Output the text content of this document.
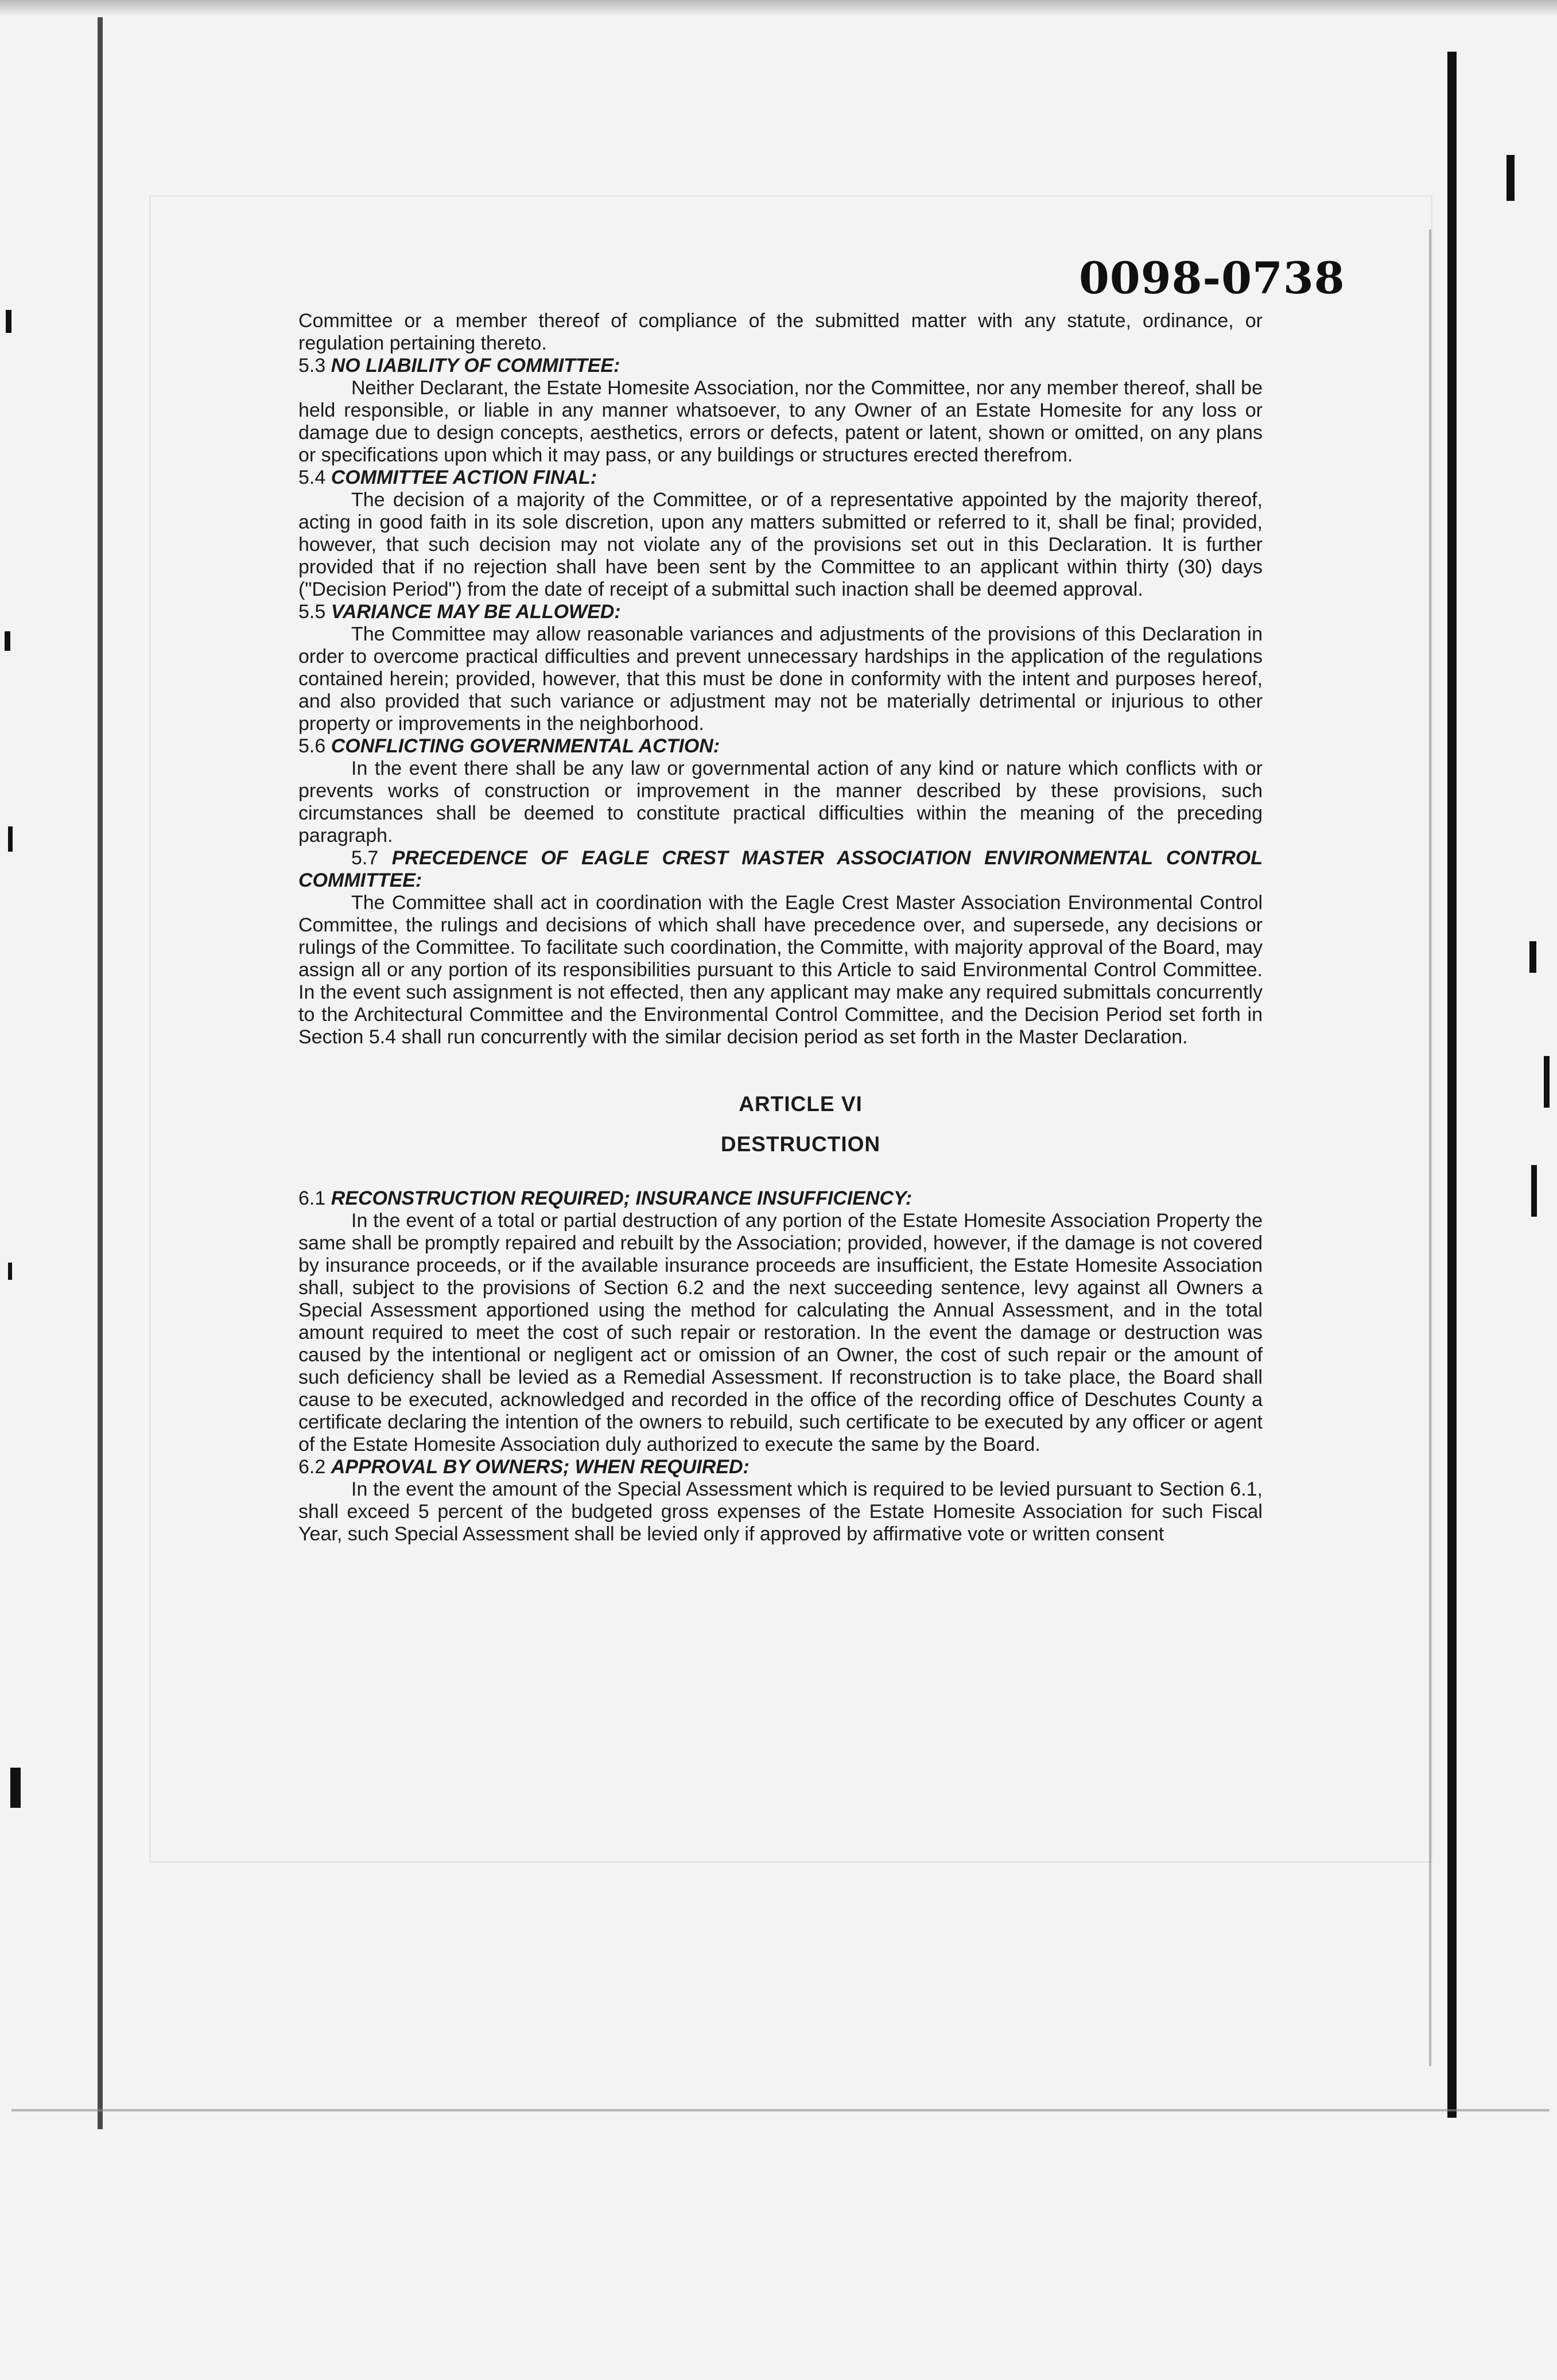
0098-0738

Committee or a member thereof of compliance of the submitted matter with any statute, ordinance, or regulation pertaining thereto.

5.3 NO LIABILITY OF COMMITTEE:

Neither Declarant, the Estate Homesite Association, nor the Committee, nor any member thereof, shall be held responsible, or liable in any manner whatsoever, to any Owner of an Estate Homesite for any loss or damage due to design concepts, aesthetics, errors or defects, patent or latent, shown or omitted, on any plans or specifications upon which it may pass, or any buildings or structures erected therefrom.

5.4 COMMITTEE ACTION FINAL:

The decision of a majority of the Committee, or of a representative appointed by the majority thereof, acting in good faith in its sole discretion, upon any matters submitted or referred to it, shall be final; provided, however, that such decision may not violate any of the provisions set out in this Declaration. It is further provided that if no rejection shall have been sent by the Committee to an applicant within thirty (30) days ("Decision Period") from the date of receipt of a submittal such inaction shall be deemed approval.

5.5 VARIANCE MAY BE ALLOWED:

The Committee may allow reasonable variances and adjustments of the provisions of this Declaration in order to overcome practical difficulties and prevent unnecessary hardships in the application of the regulations contained herein; provided, however, that this must be done in conformity with the intent and purposes hereof, and also provided that such variance or adjustment may not be materially detrimental or injurious to other property or improvements in the neighborhood.

5.6 CONFLICTING GOVERNMENTAL ACTION:

In the event there shall be any law or governmental action of any kind or nature which conflicts with or prevents works of construction or improvement in the manner described by these provisions, such circumstances shall be deemed to constitute practical difficulties within the meaning of the preceding paragraph.

5.7 PRECEDENCE OF EAGLE CREST MASTER ASSOCIATION ENVIRONMENTAL CONTROL COMMITTEE:

The Committee shall act in coordination with the Eagle Crest Master Association Environmental Control Committee, the rulings and decisions of which shall have precedence over, and supersede, any decisions or rulings of the Committee. To facilitate such coordination, the Committe, with majority approval of the Board, may assign all or any portion of its responsibilities pursuant to this Article to said Environmental Control Committee. In the event such assignment is not effected, then any applicant may make any required submittals concurrently to the Architectural Committee and the Environmental Control Committee, and the Decision Period set forth in Section 5.4 shall run concurrently with the similar decision period as set forth in the Master Declaration.

ARTICLE VI
DESTRUCTION

6.1 RECONSTRUCTION REQUIRED; INSURANCE INSUFFICIENCY:

In the event of a total or partial destruction of any portion of the Estate Homesite Association Property the same shall be promptly repaired and rebuilt by the Association; provided, however, if the damage is not covered by insurance proceeds, or if the available insurance proceeds are insufficient, the Estate Homesite Association shall, subject to the provisions of Section 6.2 and the next succeeding sentence, levy against all Owners a Special Assessment apportioned using the method for calculating the Annual Assessment, and in the total amount required to meet the cost of such repair or restoration. In the event the damage or destruction was caused by the intentional or negligent act or omission of an Owner, the cost of such repair or the amount of such deficiency shall be levied as a Remedial Assessment. If reconstruction is to take place, the Board shall cause to be executed, acknowledged and recorded in the office of the recording office of Deschutes County a certificate declaring the intention of the owners to rebuild, such certificate to be executed by any officer or agent of the Estate Homesite Association duly authorized to execute the same by the Board.

6.2 APPROVAL BY OWNERS; WHEN REQUIRED:

In the event the amount of the Special Assessment which is required to be levied pursuant to Section 6.1, shall exceed 5 percent of the budgeted gross expenses of the Estate Homesite Association for such Fiscal Year, such Special Assessment shall be levied only if approved by affirmative vote or written consent
